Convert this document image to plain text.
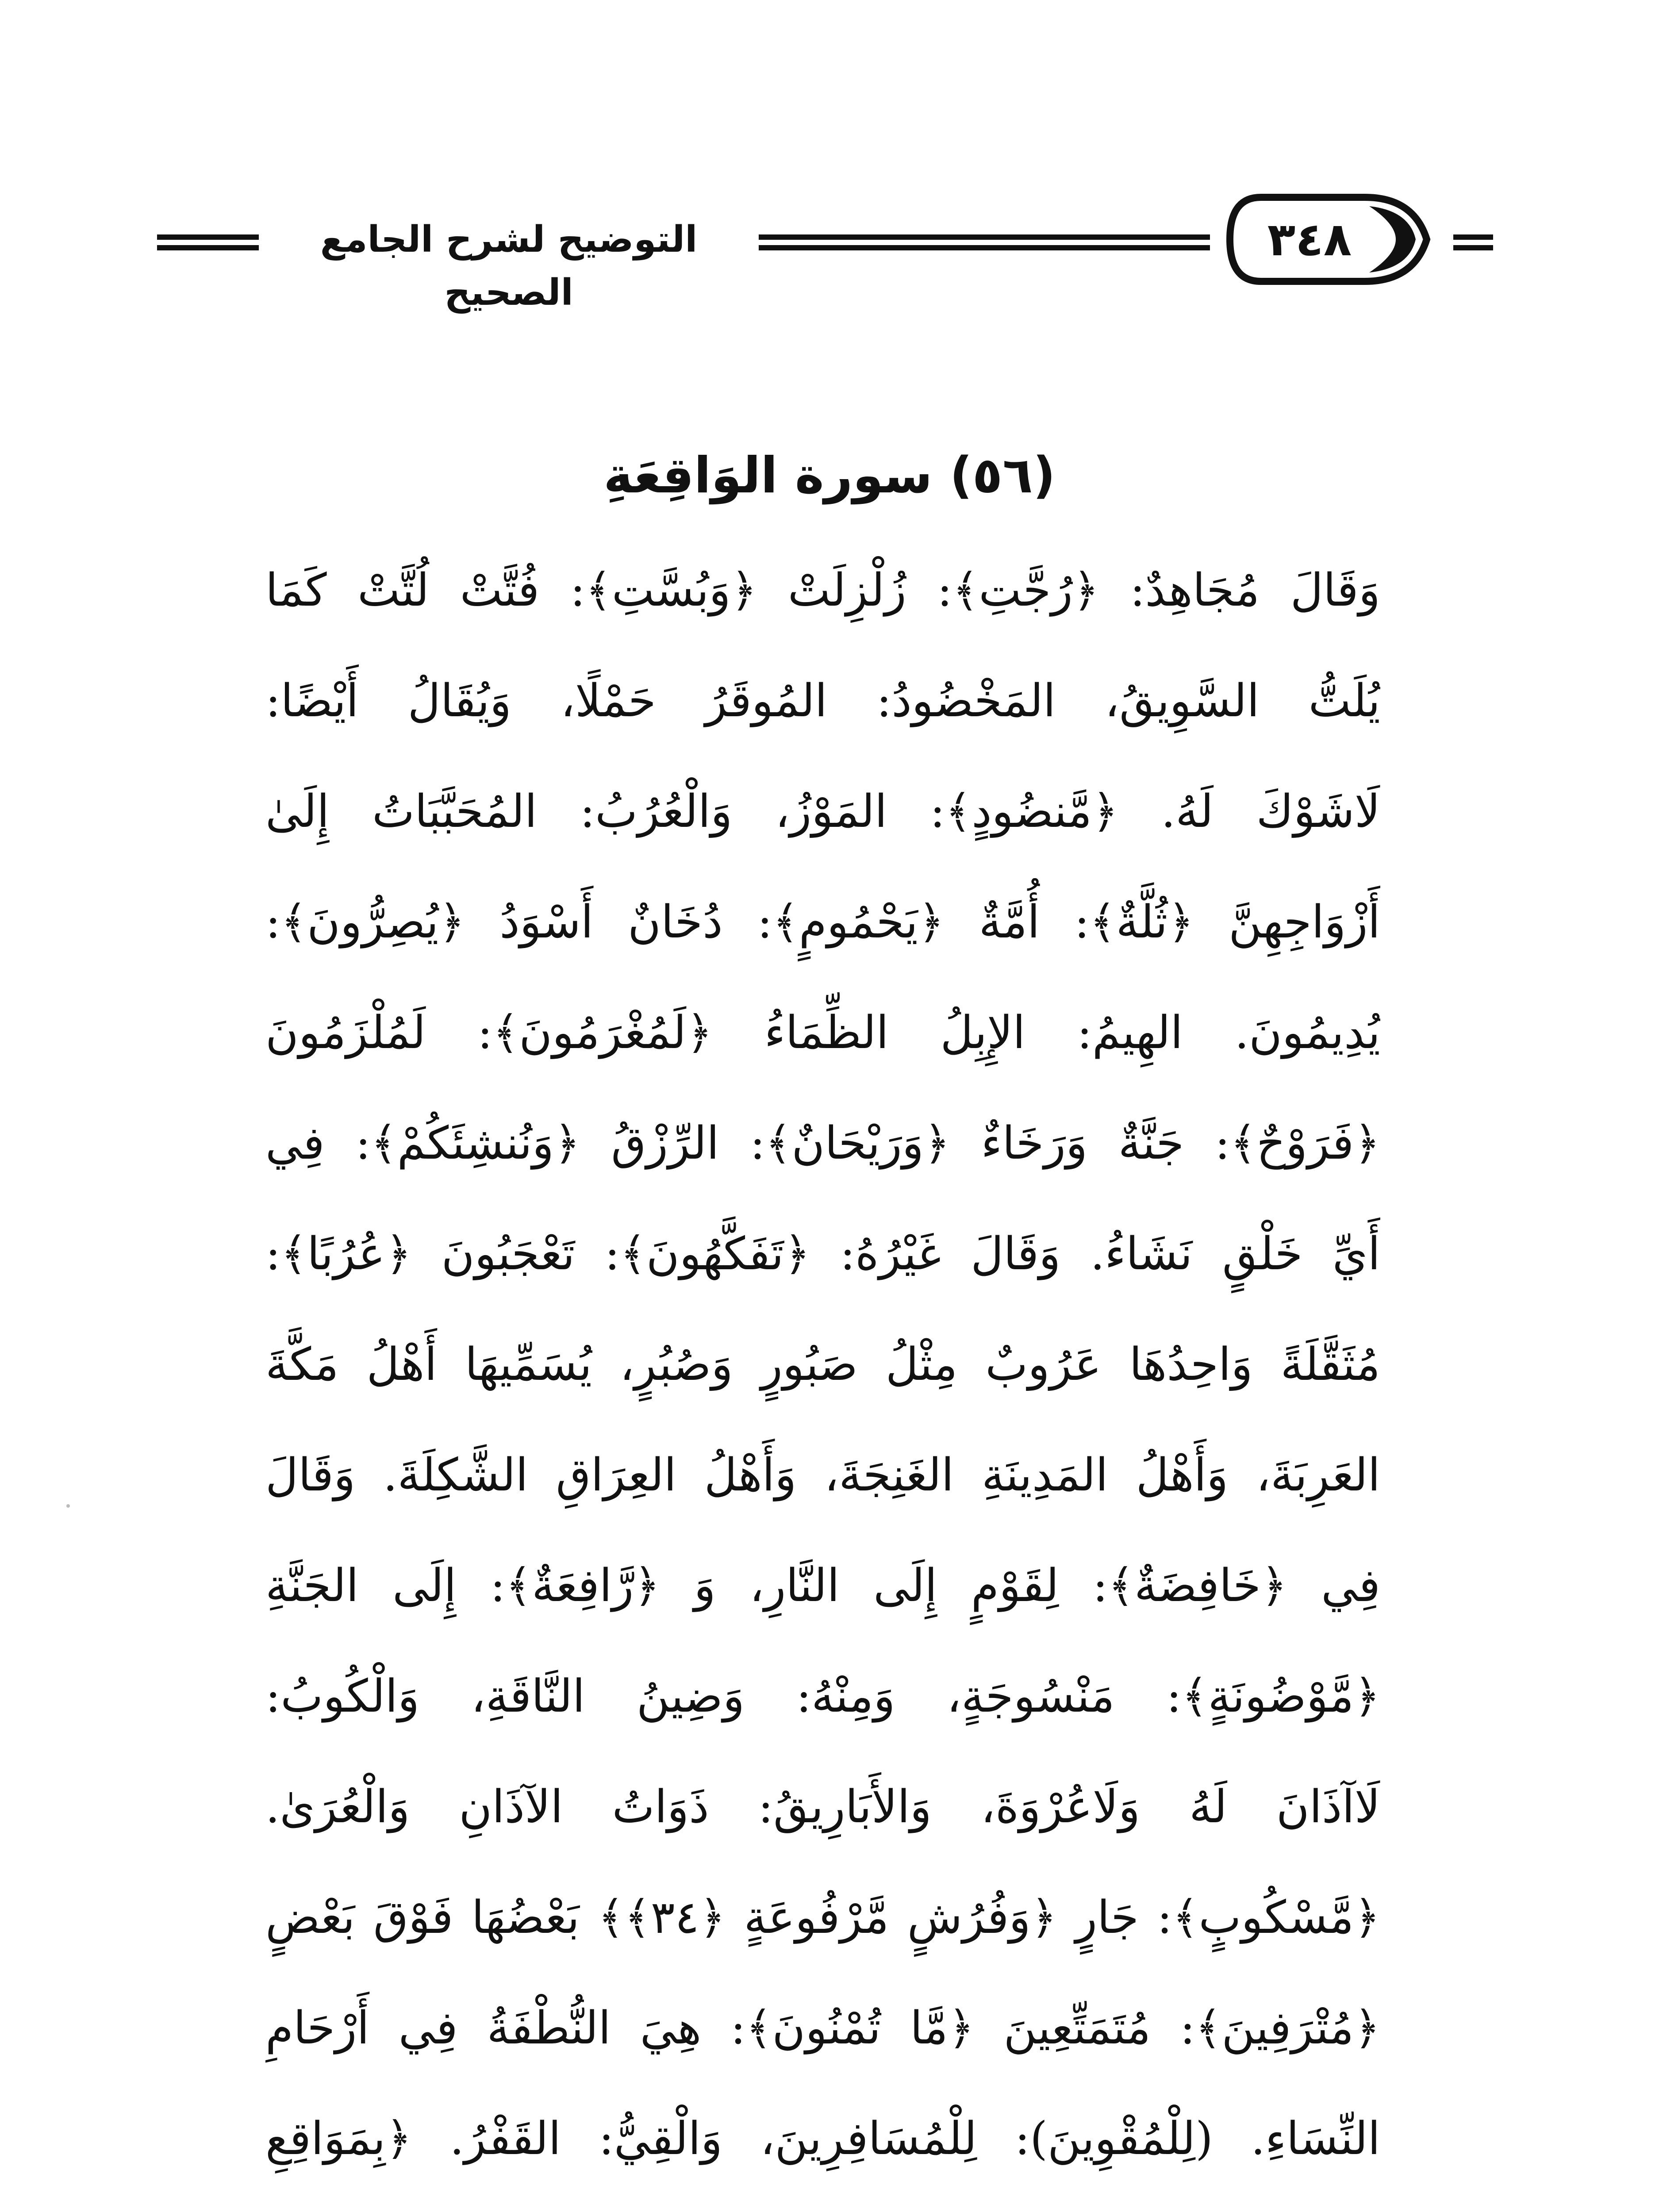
التوضيح لشرح الجامع الصحيح
٣٤٨
(٥٦) سورة الوَاقِعَةِ
وَقَالَ مُجَاهِدٌ: ﴿رُجَّتِ﴾: زُلْزِلَتْ ﴿وَبُسَّتِ﴾: فُتَّتْ لُتَّتْ كَمَا
يُلَتُّ السَّوِيقُ، المَخْضُودُ: المُوقَرُ حَمْلًا، وَيُقَالُ أَيْضًا:
لَاشَوْكَ لَهُ. ﴿مَّنضُودٍ﴾: المَوْزُ، وَالْعُرُبُ: المُحَبَّبَاتُ إِلَىٰ
أَزْوَاجِهِنَّ ﴿ثُلَّةٌ﴾: أُمَّةٌ ﴿يَحْمُومٍ﴾: دُخَانٌ أَسْوَدُ ﴿يُصِرُّونَ﴾:
يُدِيمُونَ. الهِيمُ: الإِبِلُ الظِّمَاءُ ﴿لَمُغْرَمُونَ﴾: لَمُلْزَمُونَ
﴿فَرَوْحٌ﴾: جَنَّةٌ وَرَخَاءٌ ﴿وَرَيْحَانٌ﴾: الرِّزْقُ ﴿وَنُنشِئَكُمْ﴾: فِي
أَيِّ خَلْقٍ نَشَاءُ. وَقَالَ غَيْرُهُ: ﴿تَفَكَّهُونَ﴾: تَعْجَبُونَ ﴿عُرُبًا﴾:
مُثَقَّلَةً وَاحِدُهَا عَرُوبٌ مِثْلُ صَبُورٍ وَصُبُرٍ، يُسَمِّيهَا أَهْلُ مَكَّةَ
العَرِبَةَ، وَأَهْلُ المَدِينَةِ الغَنِجَةَ، وَأَهْلُ العِرَاقِ الشَّكِلَةَ. وَقَالَ
فِي ﴿خَافِضَةٌ﴾: لِقَوْمٍ إِلَى النَّارِ، وَ ﴿رَّافِعَةٌ﴾: إِلَى الجَنَّةِ
﴿مَّوْضُونَةٍ﴾: مَنْسُوجَةٍ، وَمِنْهُ: وَضِينُ النَّاقَةِ، وَالْكُوبُ:
لَاآذَانَ لَهُ وَلَاعُرْوَةَ، وَالأَبَارِيقُ: ذَوَاتُ الآذَانِ وَالْعُرَىٰ.
﴿مَّسْكُوبٍ﴾: جَارٍ ﴿وَفُرُشٍ مَّرْفُوعَةٍ ﴿٣٤﴾﴾ بَعْضُهَا فَوْقَ بَعْضٍ
﴿مُتْرَفِينَ﴾: مُتَمَتِّعِينَ ﴿مَّا تُمْنُونَ﴾: هِيَ النُّطْفَةُ فِي أَرْحَامِ
النِّسَاءِ. (لِلْمُقْوِينَ): لِلْمُسَافِرِينَ، وَالْقِيُّ: القَفْرُ. ﴿بِمَوَاقِعِ
